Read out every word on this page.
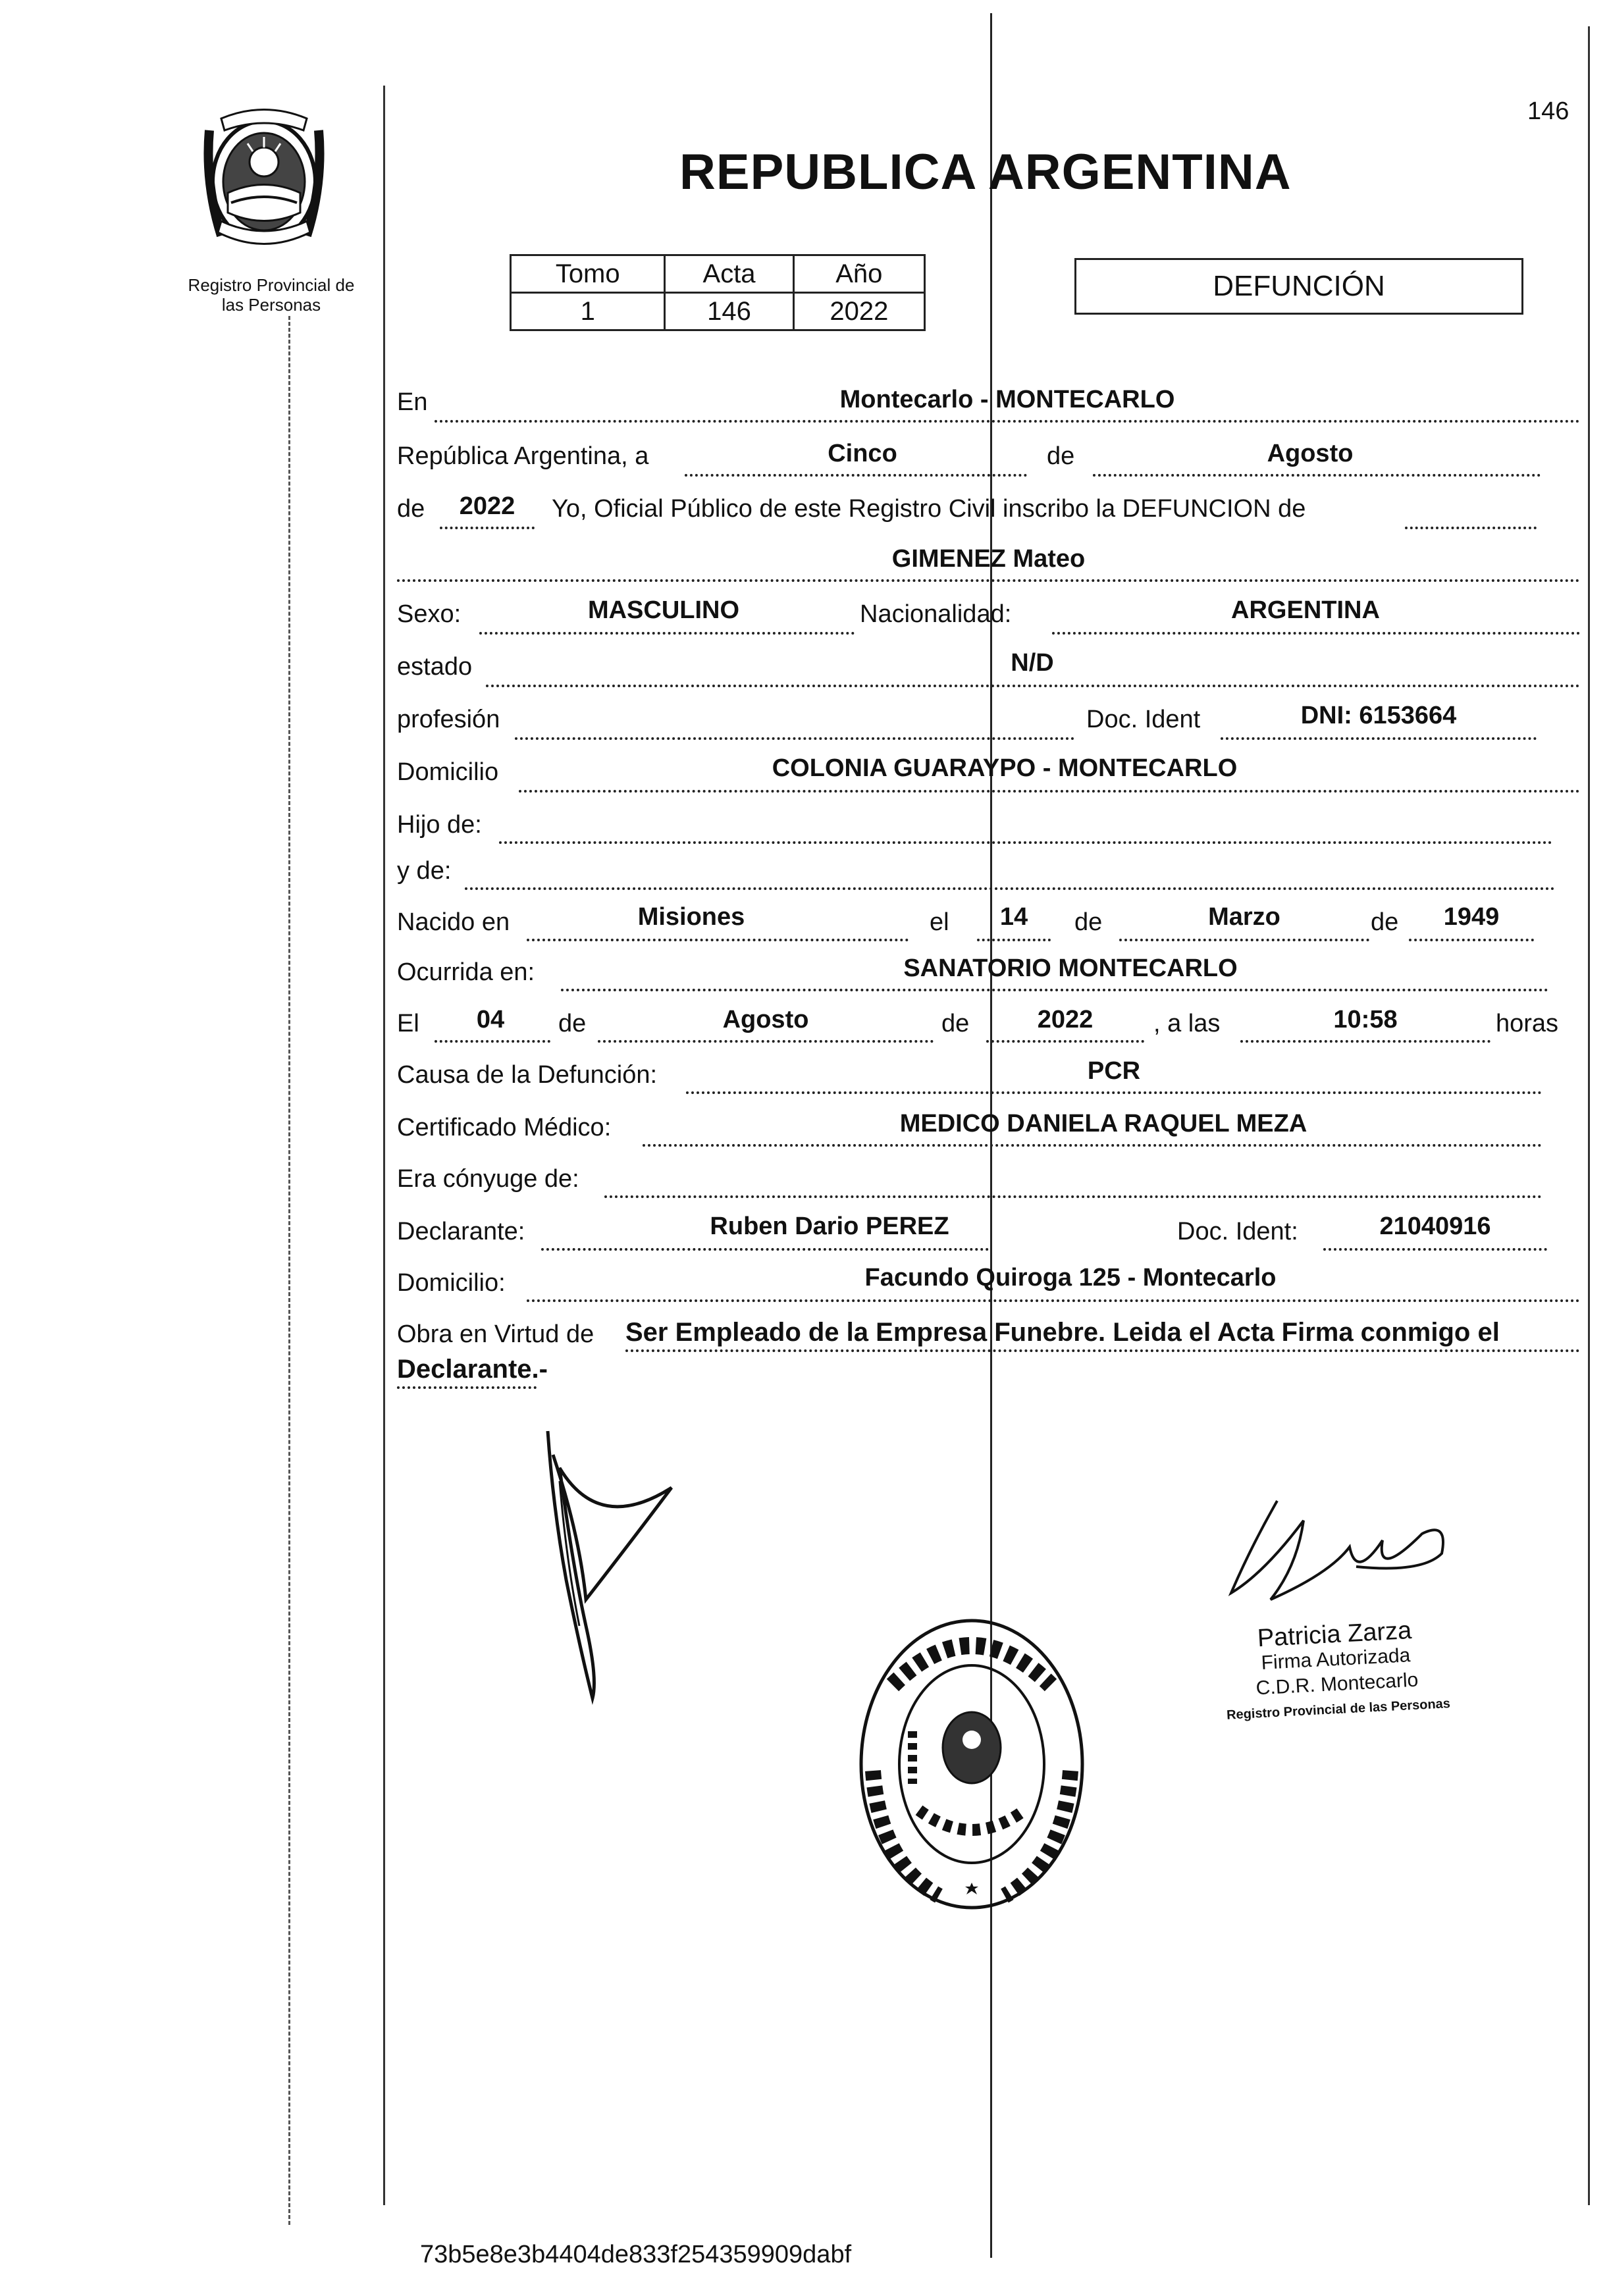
146
Registro Provincial de
las Personas
REPUBLICA ARGENTINA
Tomo	Acta	Año
1	146	2022
DEFUNCIÓN
En	Montecarlo - MONTECARLO
República Argentina, a	Cinco	de	Agosto
de	2022	Yo, Oficial Público de este Registro Civil inscribo la DEFUNCION de
GIMENEZ Mateo
Sexo:	MASCULINO	Nacionalidad:	ARGENTINA
estado	N/D
profesión	Doc. Ident	DNI: 6153664
Domicilio	COLONIA GUARAYPO - MONTECARLO
Hijo de:
y de:
Nacido en	Misiones	el	14	de	Marzo	de	1949
Ocurrida en:	SANATORIO MONTECARLO
El	04	de	Agosto	de	2022	, a las	10:58	horas
Causa de la Defunción:	PCR
Certificado Médico:	MEDICO DANIELA RAQUEL MEZA
Era cónyuge de:
Declarante:	Ruben Dario PEREZ	Doc. Ident:	21040916
Domicilio:	Facundo Quiroga 125 - Montecarlo
Obra en Virtud de Ser Empleado de la Empresa Funebre. Leida el Acta Firma conmigo el
Declarante.-
Patricia Zarza
Firma Autorizada
C.D.R. Montecarlo
Registro Provincial de las Personas
73b5e8e3b4404de833f254359909dabf
